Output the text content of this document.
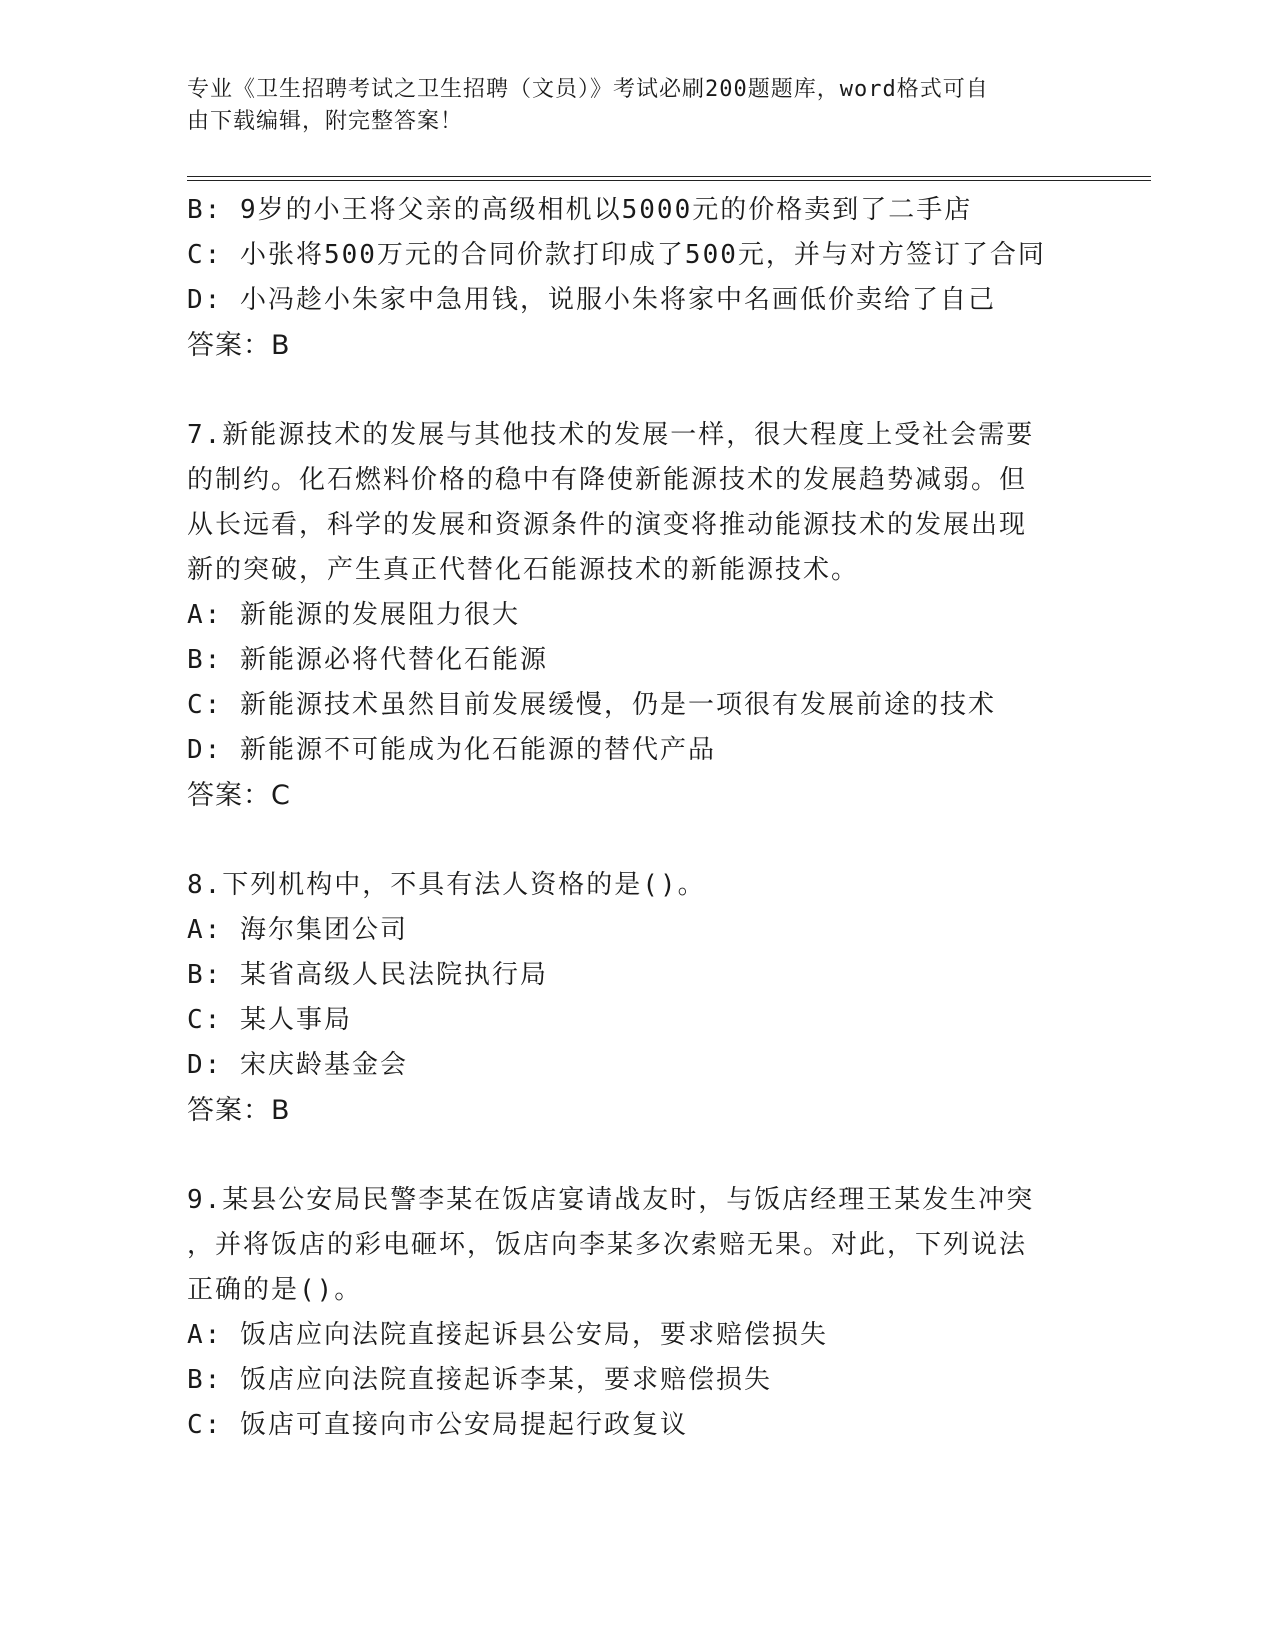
专业《卫生招聘考试之卫生招聘（文员）》考试必刷200题题库，word格式可自
由下载编辑，附完整答案！
B: 9岁的小王将父亲的高级相机以5000元的价格卖到了二手店
C: 小张将500万元的合同价款打印成了500元，并与对方签订了合同
D: 小冯趁小朱家中急用钱，说服小朱将家中名画低价卖给了自己
答案：B
7.新能源技术的发展与其他技术的发展一样，很大程度上受社会需要
的制约。化石燃料价格的稳中有降使新能源技术的发展趋势减弱。但
从长远看，科学的发展和资源条件的演变将推动能源技术的发展出现
新的突破，产生真正代替化石能源技术的新能源技术。
A: 新能源的发展阻力很大
B: 新能源必将代替化石能源
C: 新能源技术虽然目前发展缓慢，仍是一项很有发展前途的技术
D: 新能源不可能成为化石能源的替代产品
答案：C
8.下列机构中，不具有法人资格的是()。
A: 海尔集团公司
B: 某省高级人民法院执行局
C: 某人事局
D: 宋庆龄基金会
答案：B
9.某县公安局民警李某在饭店宴请战友时，与饭店经理王某发生冲突
，并将饭店的彩电砸坏，饭店向李某多次索赔无果。对此，下列说法
正确的是()。
A: 饭店应向法院直接起诉县公安局，要求赔偿损失
B: 饭店应向法院直接起诉李某，要求赔偿损失
C: 饭店可直接向市公安局提起行政复议
